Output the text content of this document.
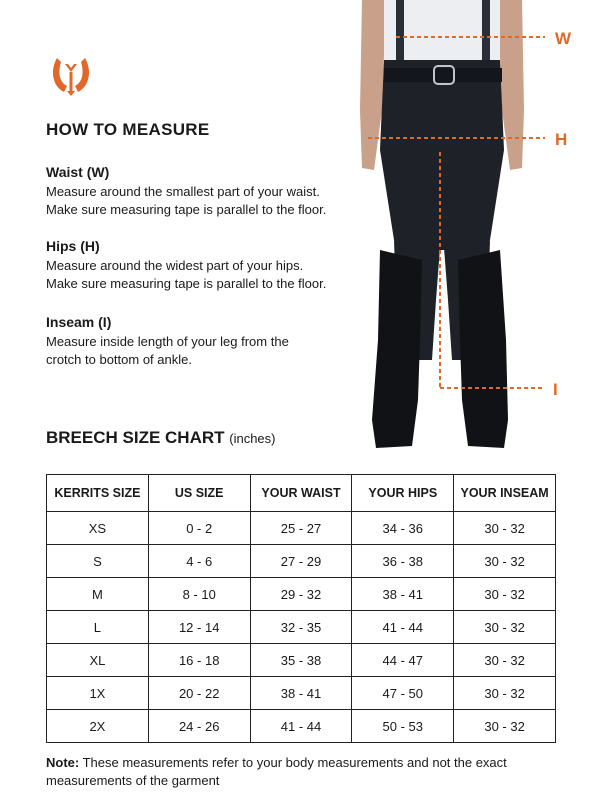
HOW TO MEASURE
Waist (W)

Measure around the smallest part of your waist.

Make sure measuring tape is parallel to the floor.

Hips (H)

Measure around the widest part of your hips.

Make sure measuring tape is parallel to the floor.

Inseam (I)

Measure inside length of your leg from the

crotch to bottom of ankle.

W
H
I
BREECH SIZE CHART (inches)
KERRITS SIZE	US SIZE	YOUR WAIST	YOUR HIPS	YOUR INSEAM
XS	0 - 2	25 - 27	34 - 36	30 - 32
S	4 - 6	27 - 29	36 - 38	30 - 32
M	8 - 10	29 - 32	38 - 41	30 - 32
L	12 - 14	32 - 35	41 - 44	30 - 32
XL	16 - 18	35 - 38	44 - 47	30 - 32
1X	20 - 22	38 - 41	47 - 50	30 - 32
2X	24 - 26	41 - 44	50 - 53	30 - 32

Note: These measurements refer to your body measurements and not the exact measurements of the garment
